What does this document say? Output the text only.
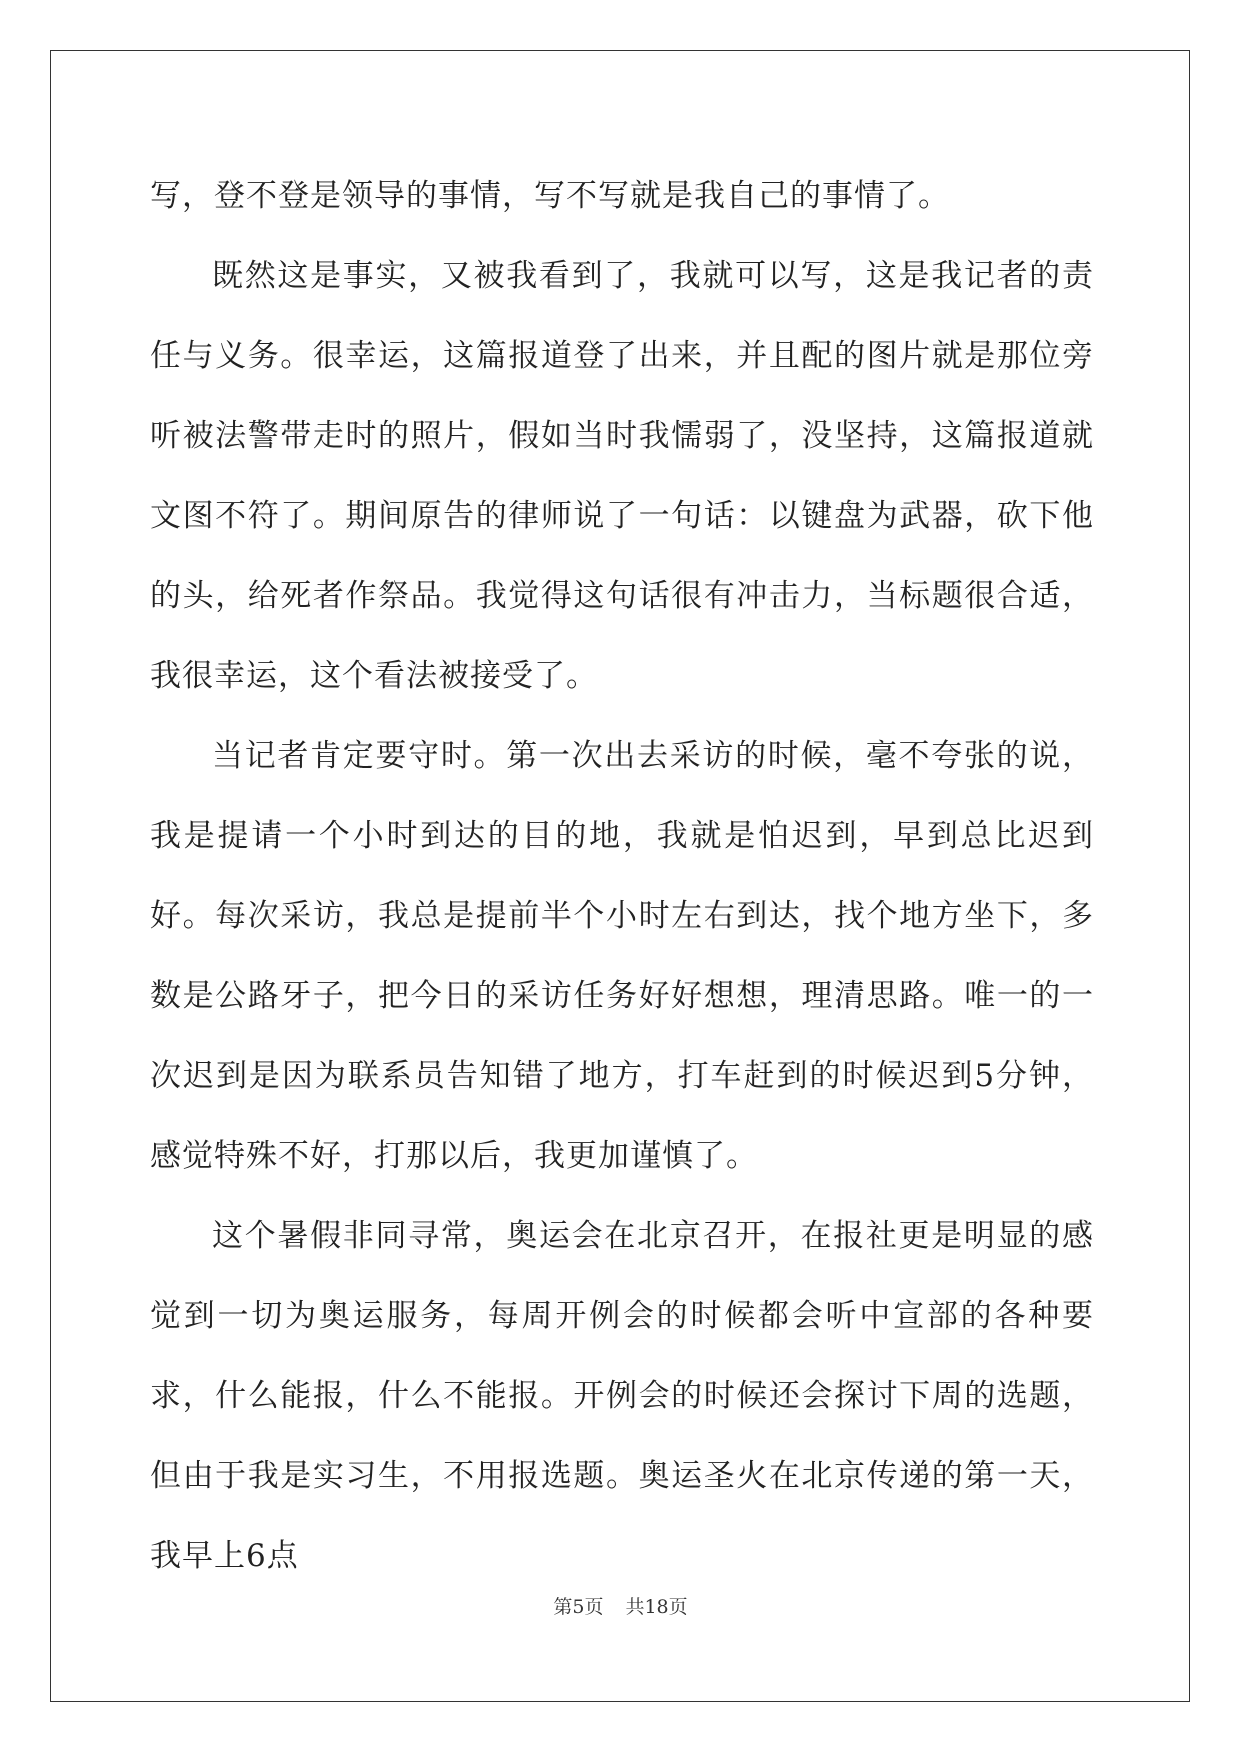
写，登不登是领导的事情，写不写就是我自己的事情了。

既然这是事实，又被我看到了，我就可以写，这是我记者的责任与义务。很幸运，这篇报道登了出来，并且配的图片就是那位旁听被法警带走时的照片，假如当时我懦弱了，没坚持，这篇报道就文图不符了。期间原告的律师说了一句话：以键盘为武器，砍下他的头，给死者作祭品。我觉得这句话很有冲击力，当标题很合适，我很幸运，这个看法被接受了。

当记者肯定要守时。第一次出去采访的时候，毫不夸张的说，我是提请一个小时到达的目的地，我就是怕迟到，早到总比迟到好。每次采访，我总是提前半个小时左右到达，找个地方坐下，多数是公路牙子，把今日的采访任务好好想想，理清思路。唯一的一次迟到是因为联系员告知错了地方，打车赶到的时候迟到5分钟，感觉特殊不好，打那以后，我更加谨慎了。

这个暑假非同寻常，奥运会在北京召开，在报社更是明显的感觉到一切为奥运服务，每周开例会的时候都会听中宣部的各种要求，什么能报，什么不能报。开例会的时候还会探讨下周的选题，但由于我是实习生，不用报选题。奥运圣火在北京传递的第一天，我早上6点

第5页 共18页
